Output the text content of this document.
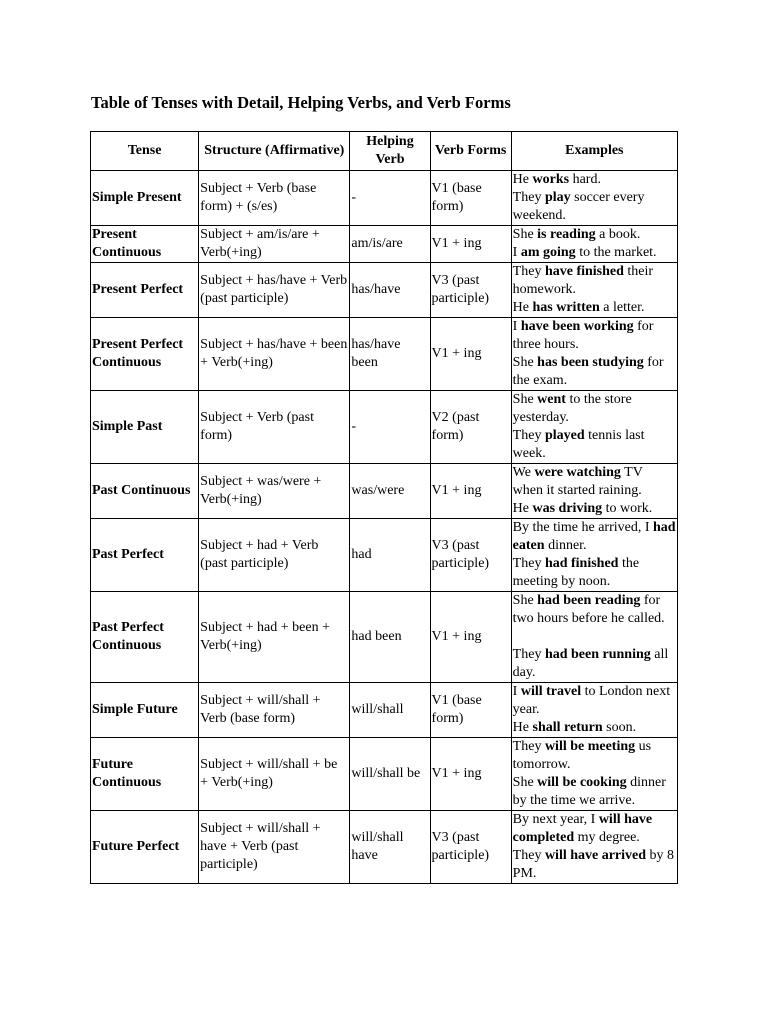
Table of Tenses with Detail, Helping Verbs, and Verb Forms
Tense	Structure (Affirmative)	Helping Verb	Verb Forms	Examples
Simple Present	Subject + Verb (base form) + (s/es)	-	V1 (base form)	He works hard.
They play soccer every weekend.

Present Continuous	Subject + am/is/are + Verb(+ing)	am/is/are	V1 + ing	She is reading a book.
I am going to the market.

Present Perfect	Subject + has/have + Verb (past participle)	has/have	V3 (past participle)	They have finished their homework.
He has written a letter.

Present Perfect Continuous	Subject + has/have + been + Verb(+ing)	has/have been	V1 + ing	I have been working for three hours.
She has been studying for the exam.

Simple Past	Subject + Verb (past form)	-	V2 (past form)	She went to the store yesterday.
They played tennis last week.

Past Continuous	Subject + was/were + Verb(+ing)	was/were	V1 + ing	We were watching TV when it started raining.
He was driving to work.

Past Perfect	Subject + had + Verb (past participle)	had	V3 (past participle)	By the time he arrived, I had eaten dinner.
They had finished the meeting by noon.

Past Perfect Continuous	Subject + had + been + Verb(+ing)	had been	V1 + ing	She had been reading for two hours before he called.
They had been running all day.

Simple Future	Subject + will/shall + Verb (base form)	will/shall	V1 (base form)	I will travel to London next year.
He shall return soon.

Future Continuous	Subject + will/shall + be + Verb(+ing)	will/shall be	V1 + ing	They will be meeting us tomorrow.
She will be cooking dinner by the time we arrive.

Future Perfect	Subject + will/shall + have + Verb (past participle)	will/shall have	V3 (past participle)	By next year, I will have completed my degree.
They will have arrived by 8 PM.
